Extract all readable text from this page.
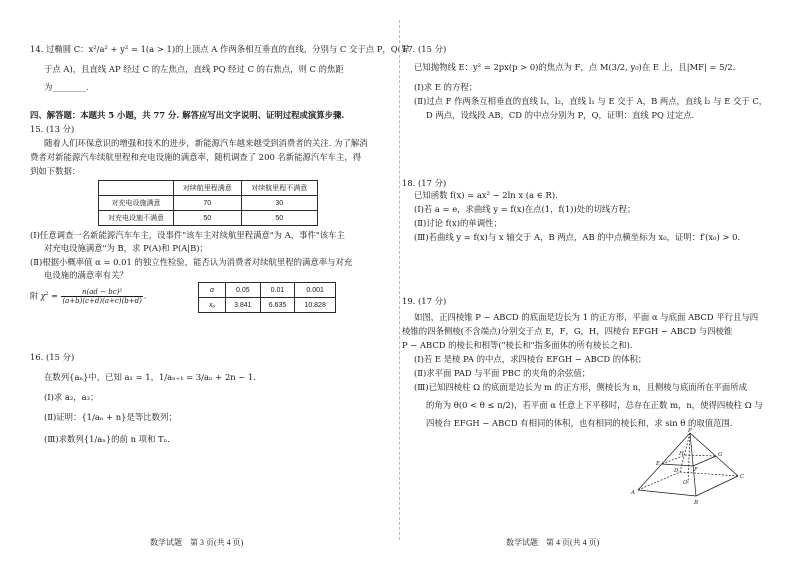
14. 过椭圆 C：x²/a² + y² = 1(a > 1)的上顶点 A 作两条相互垂直的直线，分别与 C 交于点 P，Q(异
于点 A)，且直线 AP 经过 C 的左焦点，直线 PQ 经过 C 的右焦点，则 C 的焦距
为________.
四、解答题：本题共 5 小题，共 77 分. 解答应写出文字说明、证明过程或演算步骤.
15. (13 分)
随着人们环保意识的增强和技术的进步，新能源汽车越来越受到消费者的关注. 为了解消
费者对新能源汽车续航里程和充电设施的满意率，随机调查了 200 名新能源汽车车主，得
到如下数据：
	对续航里程满意	对续航里程不满意
对充电设施满意	70	30
对充电设施不满意	50	50
(Ⅰ)任意调查一名新能源汽车车主，设事件"该车主对续航里程满意"为 A，事件"该车主
对充电设施满意"为 B，求 P(A)和 P(A|B)；
(Ⅱ)根据小概率值 α = 0.01 的独立性检验，能否认为消费者对续航里程的满意率与对充
电设施的满意率有关？
附 $\chi^2 = \frac{\text{n(ad − bc)²}}{(a+b)(c+d)(a+c)(b+d)}$ .
α	0.05	0.01	0.001
xₐ	3.841	6.635	10.828
16. (15 分)
在数列{aₙ}中，已知 a₁ = 1，1/aₙ₊₁ = 3/aₙ + 2n − 1.
(Ⅰ)求 a₂，a₃；
(Ⅱ)证明：{1/aₙ + n}是等比数列；
(Ⅲ)求数列{1/aₙ}的前 n 项和 Tₙ.
数学试题　第 3 页(共 4 页)
17. (15 分)
已知抛物线 E：y² = 2px(p > 0)的焦点为 F，点 M(3/2, y₀)在 E 上，且|MF| = 5/2.
(Ⅰ)求 E 的方程；
(Ⅱ)过点 F 作两条互相垂直的直线 l₁，l₂，直线 l₁ 与 E 交于 A，B 两点，直线 l₂ 与 E 交于 C，
D 两点，设线段 AB，CD 的中点分别为 P，Q，证明：直线 PQ 过定点.
18. (17 分)
已知函数 f(x) = ax² − 2ln x (a ∈ R).
(Ⅰ)若 a = e，求曲线 y = f(x)在点(1，f(1))处的切线方程；
(Ⅱ)讨论 f(x)的单调性；
(Ⅲ)若曲线 y = f(x)与 x 轴交于 A，B 两点，AB 的中点横坐标为 x₀，证明：f′(x₀) > 0.
19. (17 分)
如图，正四棱锥 P − ABCD 的底面是边长为 1 的正方形，平面 α 与底面 ABCD 平行且与四
棱锥的四条侧棱(不含端点)分别交于点 E，F，G，H，四棱台 EFGH − ABCD 与四棱锥
P − ABCD 的棱长和相等("棱长和"指多面体的所有棱长之和).
(Ⅰ)若 E 是棱 PA 的中点，求四棱台 EFGH − ABCD 的体积；
(Ⅱ)求平面 PAD 与平面 PBC 的夹角的余弦值；
(Ⅲ)已知四棱柱 Ω 的底面是边长为 m 的正方形，侧棱长为 n，且侧棱与底面所在平面所成
的角为 θ(0 < θ ≤ π/2)，若平面 α 任意上下平移时，总存在正数 m，n，使得四棱柱 Ω 与
四棱台 EFGH − ABCD 有相同的体积，也有相同的棱长和，求 sin θ 的取值范围.
P
E
F
G
H
A
B
C
D
O
数学试题　第 4 页(共 4 页)
